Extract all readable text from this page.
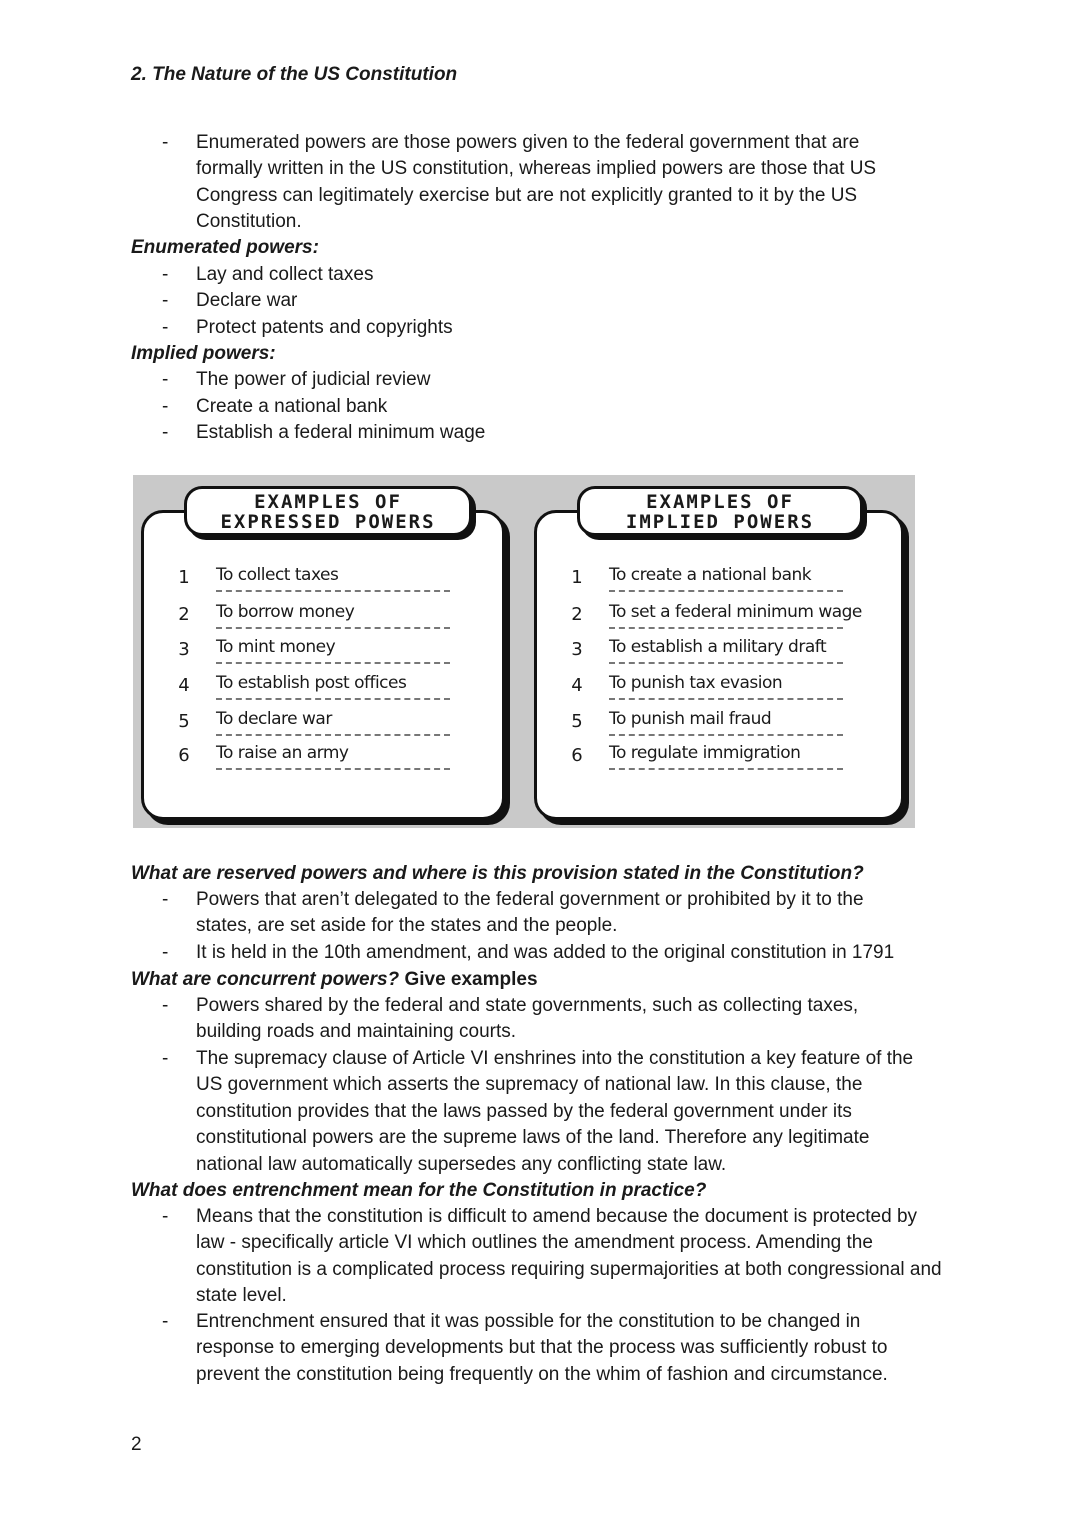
2. The Nature of the US Constitution
- Enumerated powers are those powers given to the federal government that are formally written in the US constitution, whereas implied powers are those that US Congress can legitimately exercise but are not explicitly granted to it by the US Constitution.
Enumerated powers:
- Lay and collect taxes
- Declare war
- Protect patents and copyrights
Implied powers:
- The power of judicial review
- Create a national bank
- Establish a federal minimum wage
EXAMPLES OF
EXPRESSED POWERS
1 To collect taxes
2 To borrow money
3 To mint money
4 To establish post offices
5 To declare war
6 To raise an army
EXAMPLES OF
IMPLIED POWERS
1 To create a national bank
2 To set a federal minimum wage
3 To establish a military draft
4 To punish tax evasion
5 To punish mail fraud
6 To regulate immigration
What are reserved powers and where is this provision stated in the Constitution?
- Powers that aren’t delegated to the federal government or prohibited by it to the states, are set aside for the states and the people.
- It is held in the 10th amendment, and was added to the original constitution in 1791
What are concurrent powers? Give examples
- Powers shared by the federal and state governments, such as collecting taxes, building roads and maintaining courts.
- The supremacy clause of Article VI enshrines into the constitution a key feature of the US government which asserts the supremacy of national law. In this clause, the constitution provides that the laws passed by the federal government under its constitutional powers are the supreme laws of the land. Therefore any legitimate national law automatically supersedes any conflicting state law.
What does entrenchment mean for the Constitution in practice?
- Means that the constitution is difficult to amend because the document is protected by law - specifically article VI which outlines the amendment process. Amending the constitution is a complicated process requiring supermajorities at both congressional and state level.
- Entrenchment ensured that it was possible for the constitution to be changed in response to emerging developments but that the process was sufficiently robust to prevent the constitution being frequently on the whim of fashion and circumstance.
2
